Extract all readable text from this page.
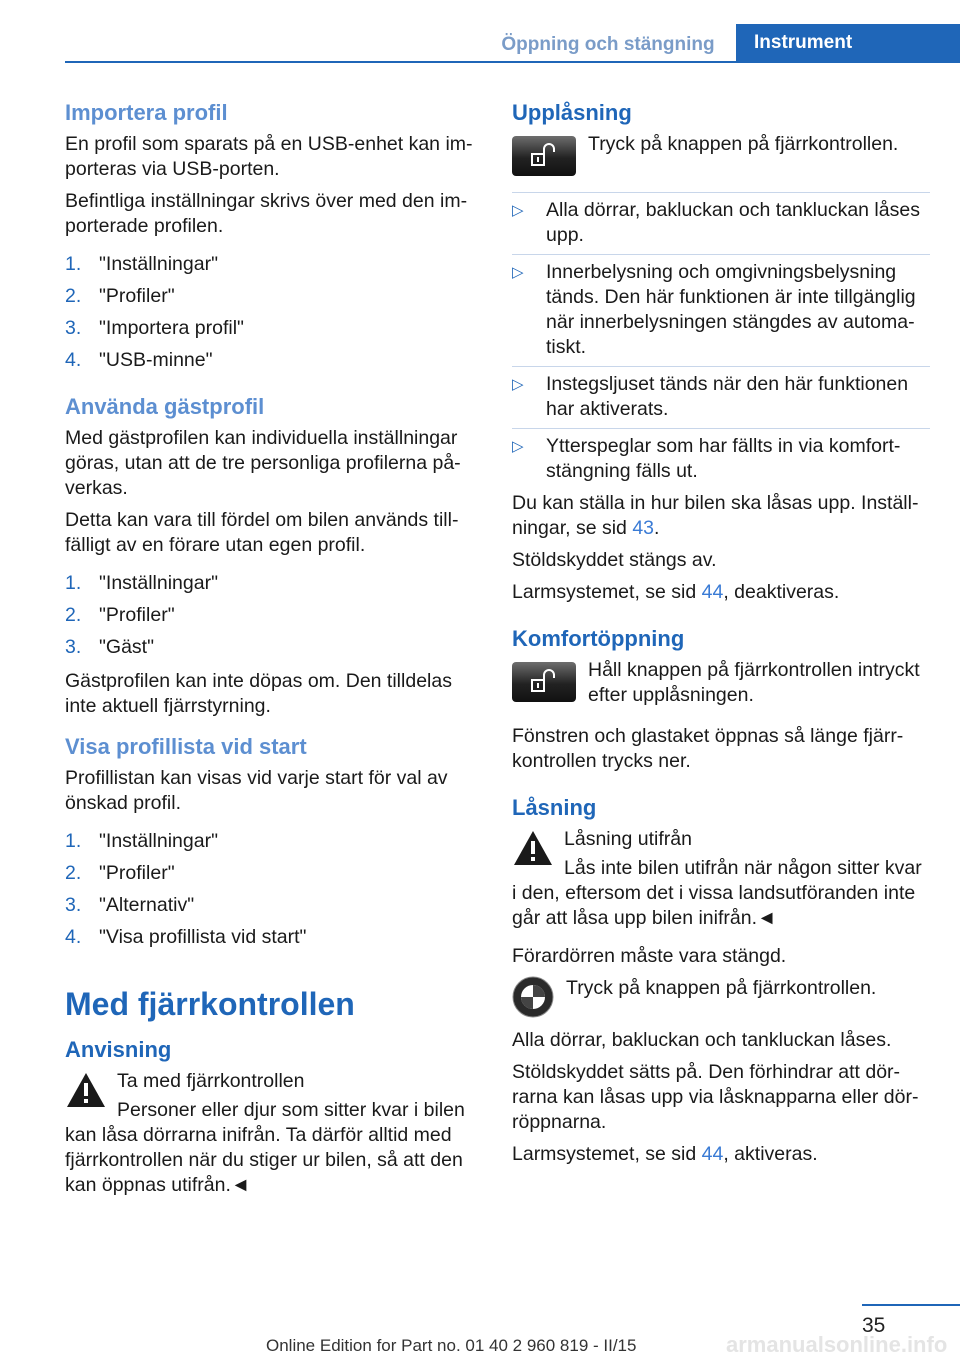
Öppning och stängning	Instrument
Importera profil

En profil som sparats på en USB-enhet kan im-porteras via USB-porten.

Befintliga inställningar skrivs över med den im-porterade profilen.

1. "Inställningar"
2. "Profiler"
3. "Importera profil"
4. "USB-minne"
Använda gästprofil

Med gästprofilen kan individuella inställningar göras, utan att de tre personliga profilerna på-verkas.

Detta kan vara till fördel om bilen används till-fälligt av en förare utan egen profil.

1. "Inställningar"
2. "Profiler"
3. "Gäst"

Gästprofilen kan inte döpas om. Den tilldelas inte aktuell fjärrstyrning.

Visa profillista vid start

Profillistan kan visas vid varje start för val av önskad profil.

1. "Inställningar"
2. "Profiler"
3. "Alternativ"
4. "Visa profillista vid start"
Med fjärrkontrollen
Anvisning

Ta med fjärrkontrollen

Personer eller djur som sitter kvar i bilen kan låsa dörrarna inifrån. Ta därför alltid med fjärrkontrollen när du stiger ur bilen, så att den kan öppnas utifrån.◄

Upplåsning
Tryck på knappen på fjärrkontrollen.
▷ Alla dörrar, bakluckan och tankluckan låses upp.
▷ Innerbelysning och omgivningsbelysning tänds. Den här funktionen är inte tillgänglig när innerbelysningen stängdes av automa-tiskt.
▷ Instegsljuset tänds när den här funktionen har aktiverats.
▷ Ytterspeglar som har fällts in via komfort-stängning fälls ut.

Du kan ställa in hur bilen ska låsas upp. Inställ-ningar, se sid 43.

Stöldskyddet stängs av.

Larmsystemet, se sid 44, deaktiveras.

Komfortöppning
Håll knappen på fjärrkontrollen intryckt efter upplåsningen.

Fönstren och glastaket öppnas så länge fjärr-kontrollen trycks ner.

Låsning

Låsning utifrån

Lås inte bilen utifrån när någon sitter kvar i den, eftersom det i vissa landsutföranden inte går att låsa upp bilen inifrån.◄

Förardörren måste vara stängd.

Tryck på knappen på fjärrkontrollen.

Alla dörrar, bakluckan och tankluckan låses.

Stöldskyddet sätts på. Den förhindrar att dör-rarna kan låsas upp via låsknapparna eller dör-röppnarna.

Larmsystemet, se sid 44, aktiveras.

35
Online Edition for Part no. 01 40 2 960 819 - II/15	armanualsonline.info
